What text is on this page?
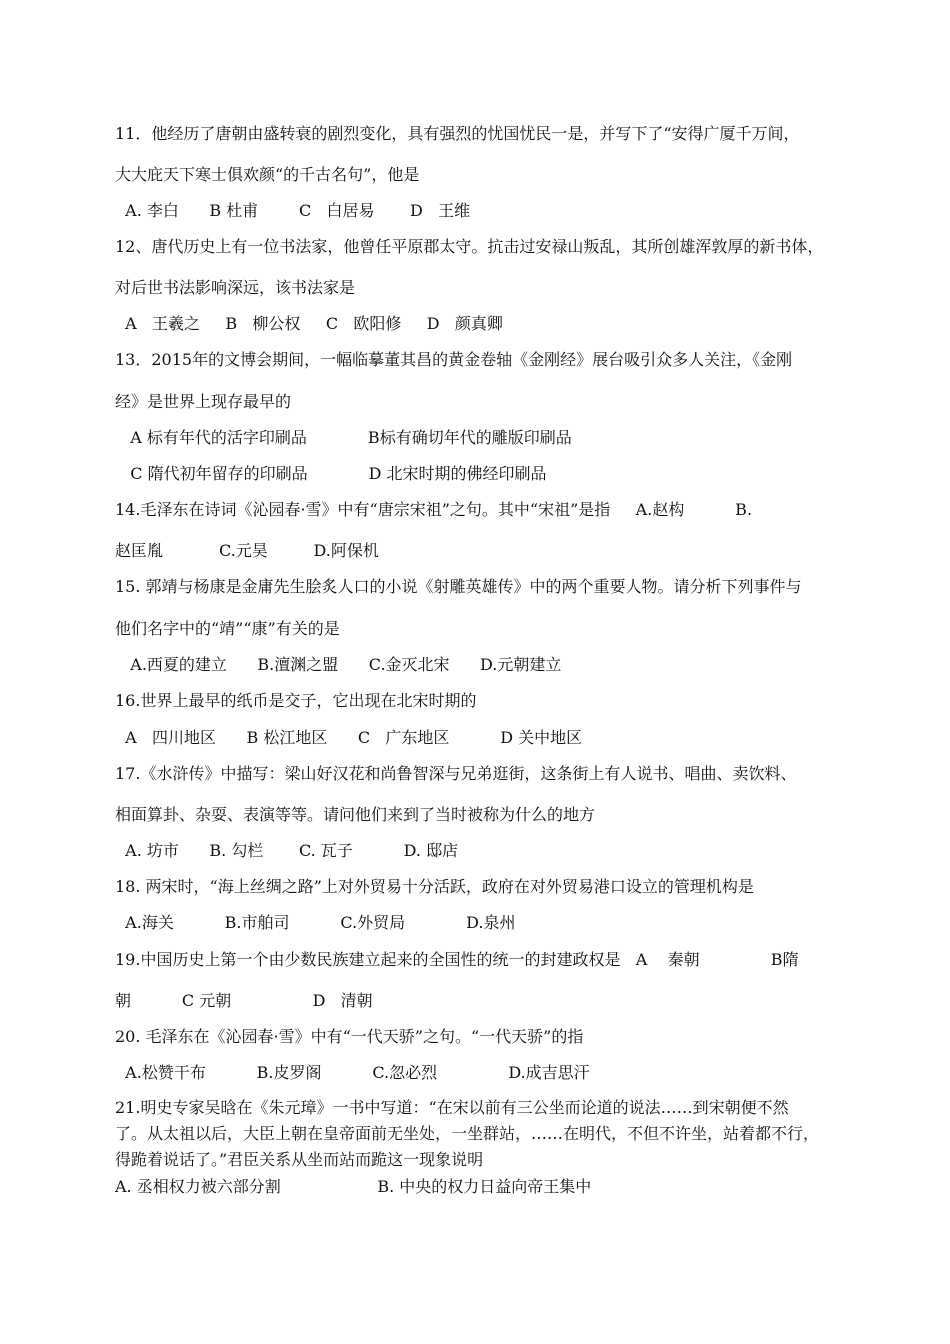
11．他经历了唐朝由盛转衰的剧烈变化，具有强烈的忧国忧民一是，并写下了“安得广厦千万间，
大大庇天下寒士俱欢颜“的千古名句”，他是
A. 李白      B 杜甫        C   白居易       D   王维
12、唐代历史上有一位书法家，他曾任平原郡太守。抗击过安禄山叛乱，其所创雄浑敦厚的新书体，
对后世书法影响深远，该书法家是
A   王羲之     B   柳公权     C   欧阳修     D   颜真卿
13．2015年的文博会期间，一幅临摹董其昌的黄金卷轴《金刚经》展台吸引众多人关注，《金刚
经》是世界上现存最早的
A 标有年代的活字印刷品            B标有确切年代的雕版印刷品
C 隋代初年留存的印刷品            D 北宋时期的佛经印刷品
14.毛泽东在诗词《沁园春·雪》中有“唐宗宋祖”之句。其中“宋祖”是指     A.赵构          B.
赵匡胤           C.元昊         D.阿保机
15. 郭靖与杨康是金庸先生脍炙人口的小说《射雕英雄传》中的两个重要人物。请分析下列事件与
他们名字中的“靖”“康”有关的是
A.西夏的建立      B.澶渊之盟      C.金灭北宋      D.元朝建立
16.世界上最早的纸币是交子，它出现在北宋时期的
A   四川地区      B 松江地区      C   广东地区          D 关中地区
17.《水浒传》中描写：梁山好汉花和尚鲁智深与兄弟逛街，这条街上有人说书、唱曲、卖饮料、
相面算卦、杂耍、表演等等。请问他们来到了当时被称为什么的地方
A. 坊市      B. 勾栏       C. 瓦子          D. 邸店
18. 两宋时，“海上丝绸之路”上对外贸易十分活跃，政府在对外贸易港口设立的管理机构是
A.海关          B.市舶司          C.外贸局            D.泉州
19.中国历史上第一个由少数民族建立起来的全国性的统一的封建政权是   A    秦朝              B隋
朝          C 元朝                D   清朝
20. 毛泽东在《沁园春·雪》中有“一代天骄”之句。“一代天骄”的指
A.松赞干布          B.皮罗阁          C.忽必烈              D.成吉思汗
21.明史专家吴晗在《朱元璋》一书中写道：“在宋以前有三公坐而论道的说法……到宋朝便不然
了。从太祖以后，大臣上朝在皇帝面前无坐处，一坐群站，……在明代，不但不许坐，站着都不行，
得跪着说话了。”君臣关系从坐而站而跪这一现象说明
A. 丞相权力被六部分割                   B. 中央的权力日益向帝王集中
